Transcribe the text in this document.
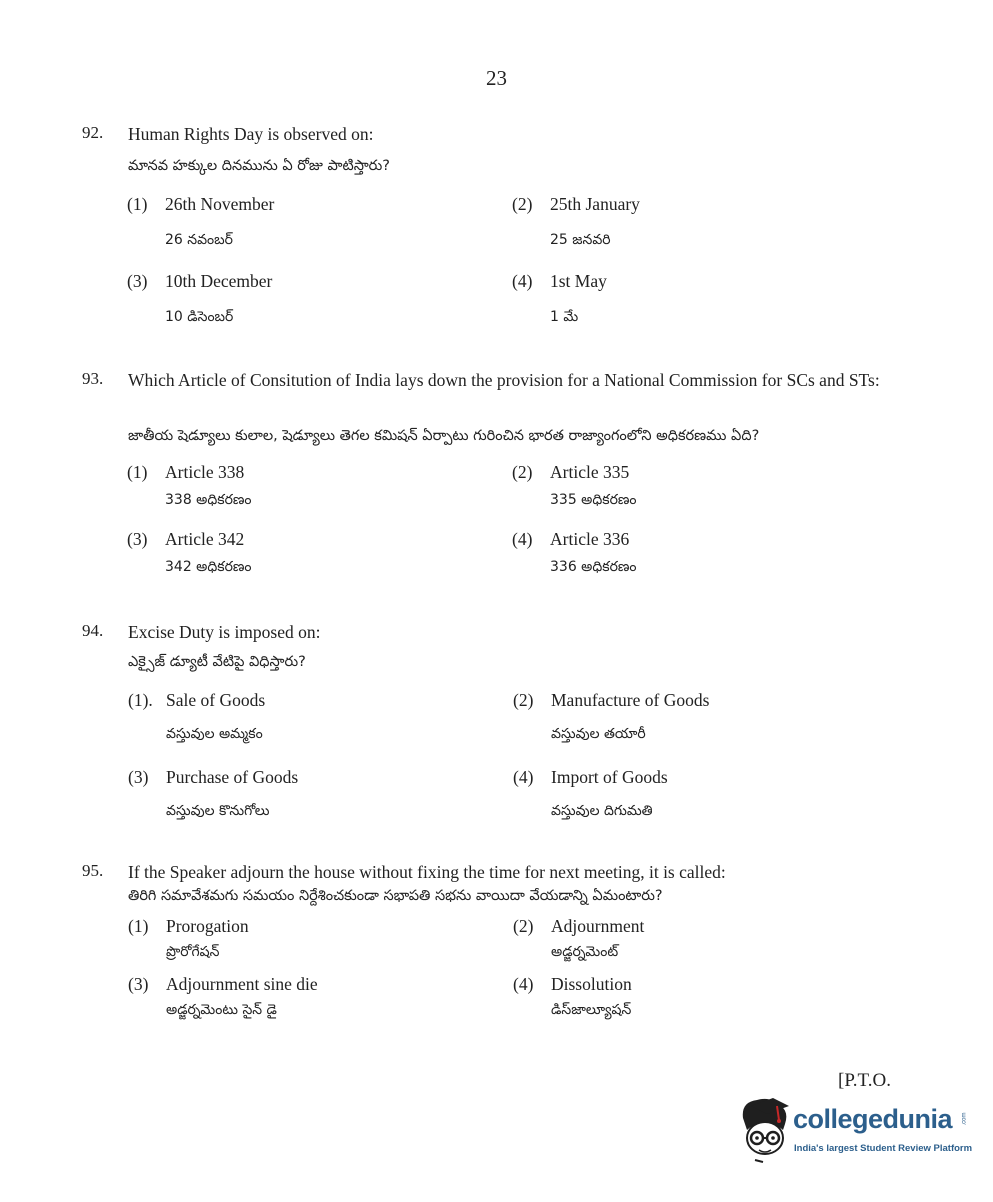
23
92. Human Rights Day is observed on:
మానవ హక్కుల దినమును ఏ రోజు పాటిస్తారు?
(1) 26th November
26 నవంబర్
(2) 25th January
25 జనవరి
(3) 10th December
10 డిసెంబర్
(4) 1st May
1 మే
93. Which Article of Consitution of India lays down the provision for a National Commission for SCs and STs:
జాతీయ షెడ్యూలు కులాల, షెడ్యూలు తెగల కమిషన్ ఏర్పాటు గురించిన భారత రాజ్యాంగంలోని అధికరణము ఏది?
(1) Article 338
338 అధికరణం
(2) Article 335
335 అధికరణం
(3) Article 342
342 అధికరణం
(4) Article 336
336 అధికరణం
94. Excise Duty is imposed on:
ఎక్సైజ్ డ్యూటీ వేటిపై విధిస్తారు?
(1). Sale of Goods
వస్తువుల అమ్మకం
(2) Manufacture of Goods
వస్తువుల తయారీ
(3) Purchase of Goods
వస్తువుల కొనుగోలు
(4) Import of Goods
వస్తువుల దిగుమతి
95. If the Speaker adjourn the house without fixing the time for next meeting, it is called:
తిరిగి సమావేశమగు సమయం నిర్దేశించకుండా సభాపతి సభను వాయిదా వేయడాన్ని ఏమంటారు?
(1) Prorogation
ప్రొరోగేషన్
(2) Adjournment
అడ్జర్నమెంట్
(3) Adjournment sine die
అడ్జర్నమెంటు సైన్ డై
(4) Dissolution
డిస్‌జాల్యూషన్
[P.T.O.
collegedunia .com
India's largest Student Review Platform
